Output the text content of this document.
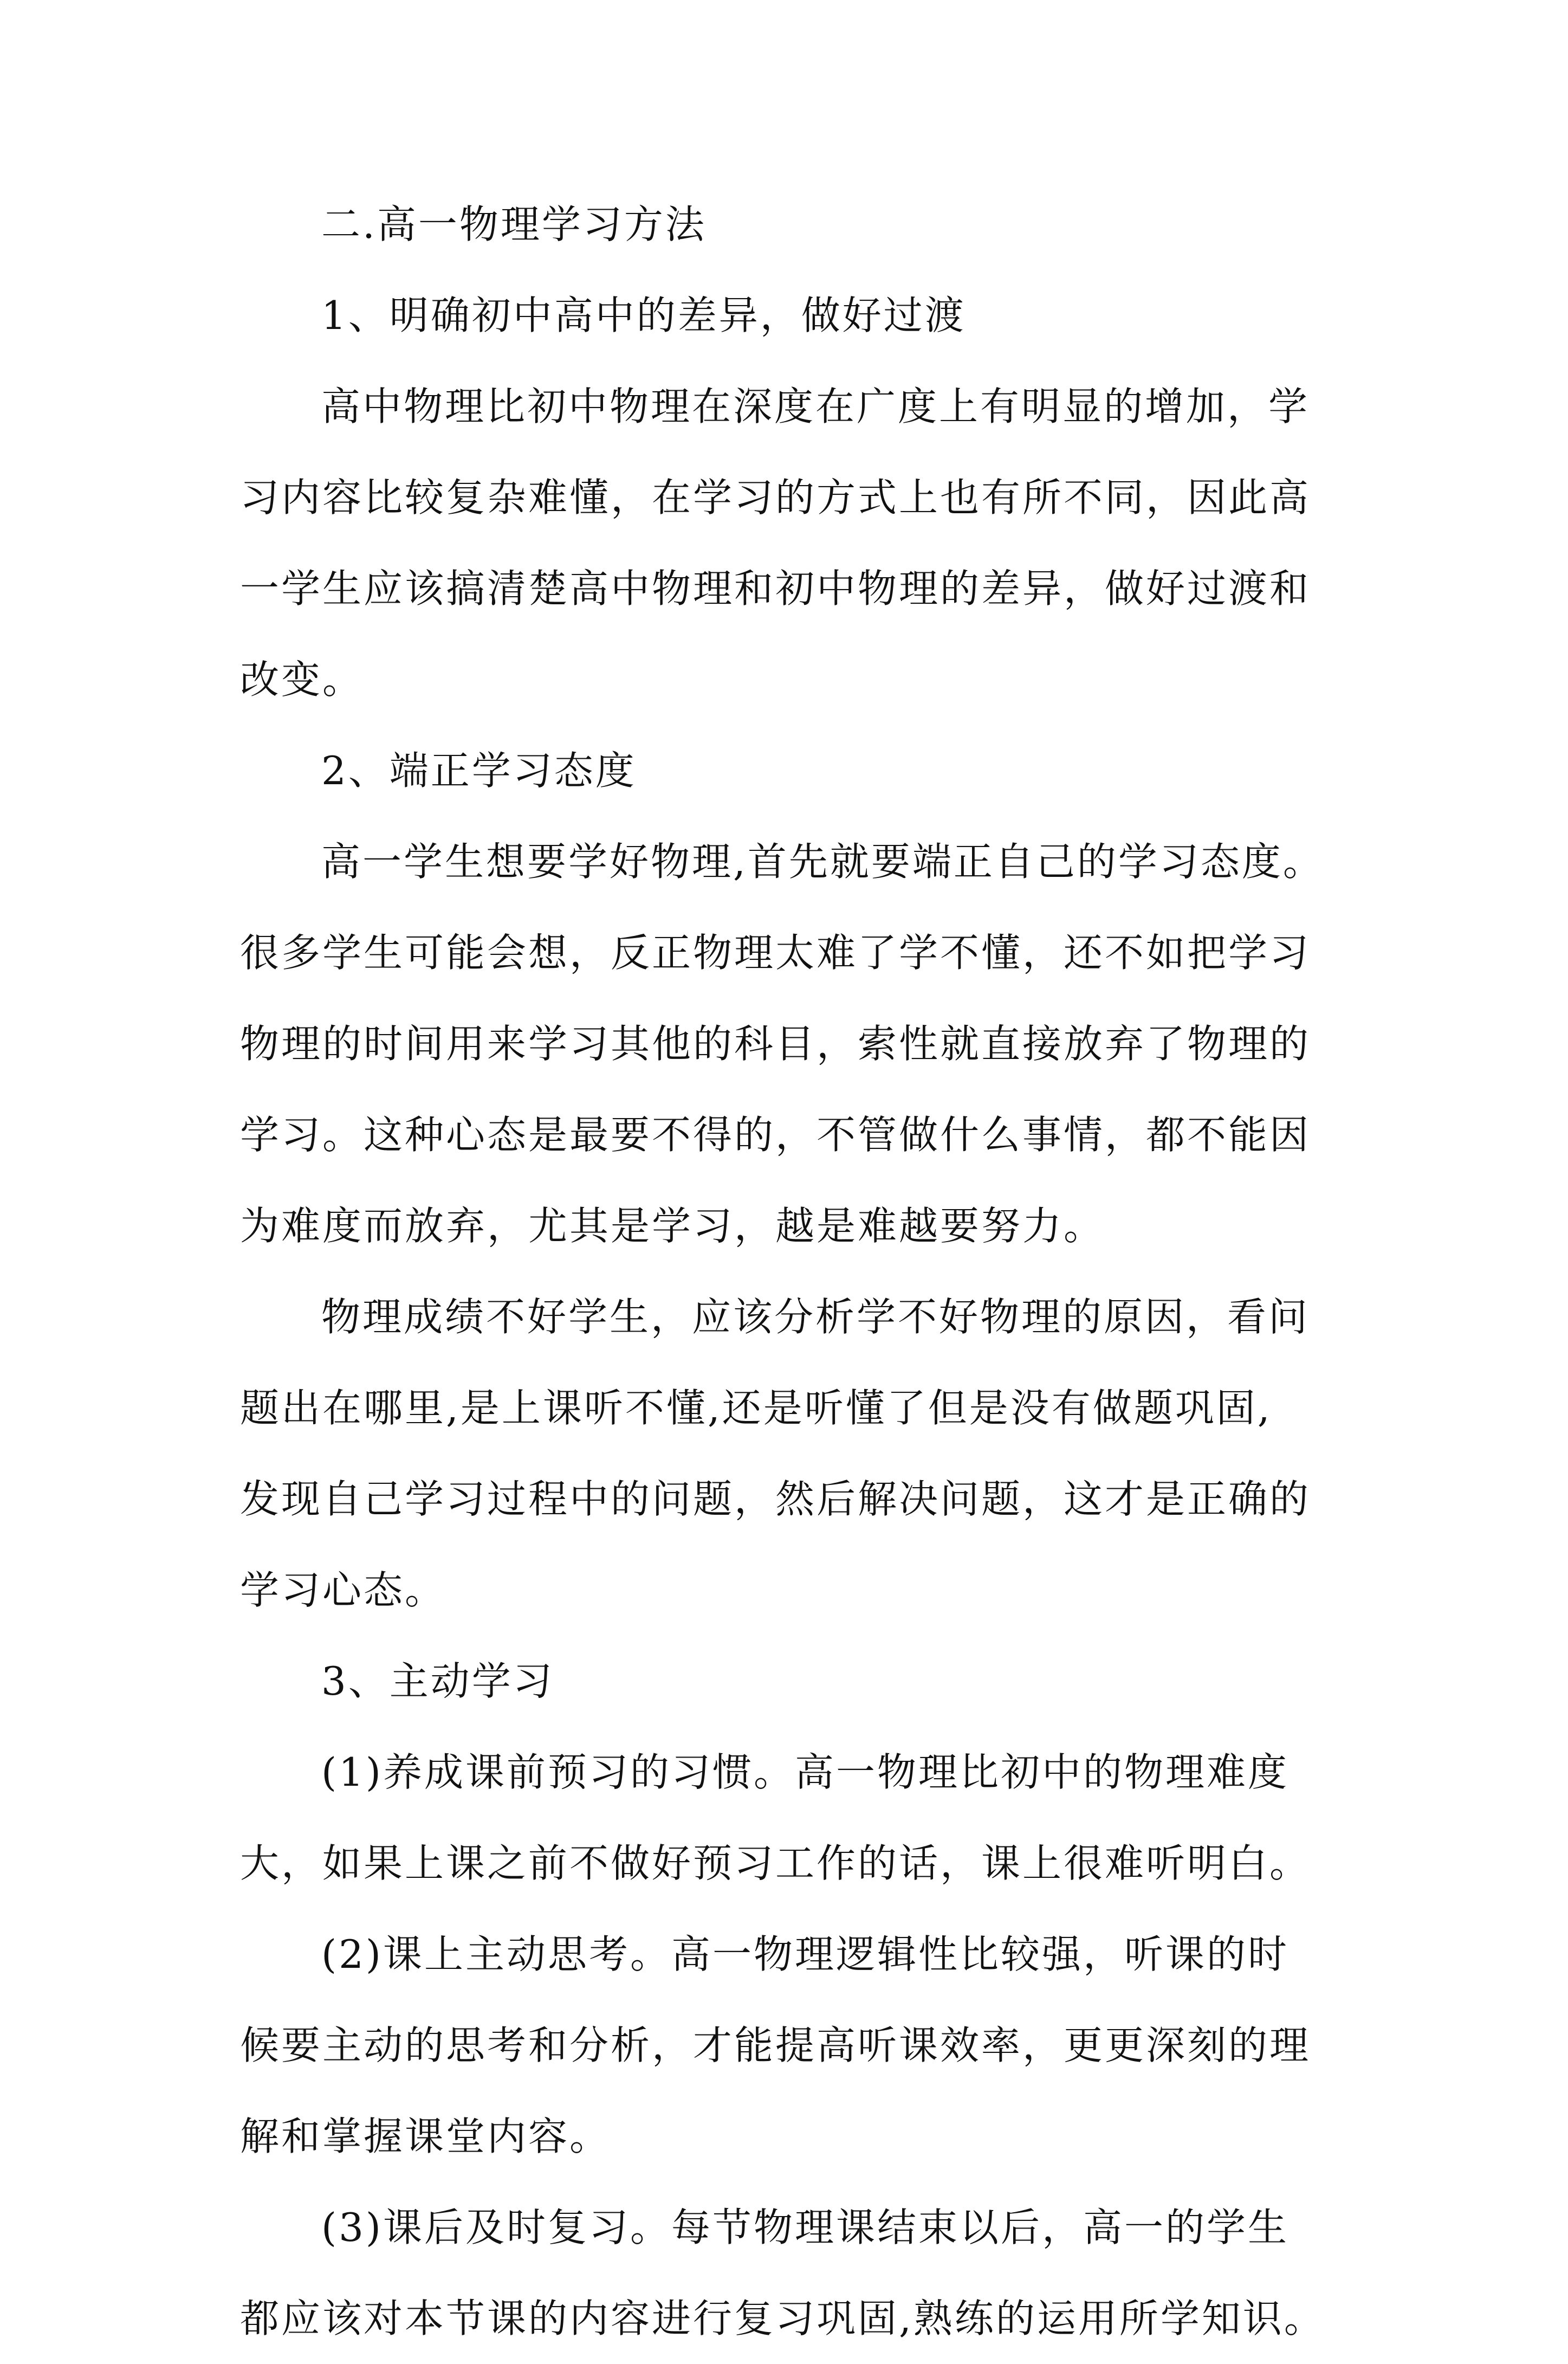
二.高一物理学习方法
1、明确初中高中的差异，做好过渡
高中物理比初中物理在深度在广度上有明显的增加，学
习内容比较复杂难懂，在学习的方式上也有所不同，因此高
一学生应该搞清楚高中物理和初中物理的差异，做好过渡和
改变。
2、端正学习态度
高一学生想要学好物理,首先就要端正自己的学习态度。
很多学生可能会想，反正物理太难了学不懂，还不如把学习
物理的时间用来学习其他的科目，索性就直接放弃了物理的
学习。这种心态是最要不得的，不管做什么事情，都不能因
为难度而放弃，尤其是学习，越是难越要努力。
物理成绩不好学生，应该分析学不好物理的原因，看问
题出在哪里,是上课听不懂,还是听懂了但是没有做题巩固,
发现自己学习过程中的问题，然后解决问题，这才是正确的
学习心态。
3、主动学习
(1)养成课前预习的习惯。高一物理比初中的物理难度
大，如果上课之前不做好预习工作的话，课上很难听明白。
(2)课上主动思考。高一物理逻辑性比较强，听课的时
候要主动的思考和分析，才能提高听课效率，更更深刻的理
解和掌握课堂内容。
(3)课后及时复习。每节物理课结束以后，高一的学生
都应该对本节课的内容进行复习巩固,熟练的运用所学知识。
